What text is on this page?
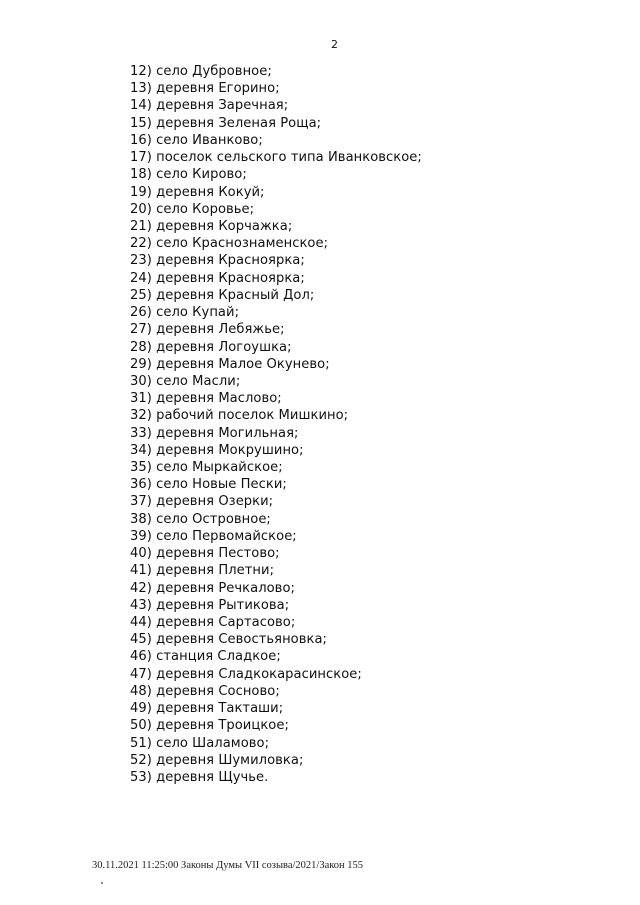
2
12) село Дубровное;
13) деревня Егорино;
14) деревня Заречная;
15) деревня Зеленая Роща;
16) село Иванково;
17) поселок сельского типа Иванковское;
18) село Кирово;
19) деревня Кокуй;
20) село Коровье;
21) деревня Корчажка;
22) село Краснознаменское;
23) деревня Красноярка;
24) деревня Красноярка;
25) деревня Красный Дол;
26) село Купай;
27) деревня Лебяжье;
28) деревня Логоушка;
29) деревня Малое Окунево;
30) село Масли;
31) деревня Маслово;
32) рабочий поселок Мишкино;
33) деревня Могильная;
34) деревня Мокрушино;
35) село Мыркайское;
36) село Новые Пески;
37) деревня Озерки;
38) село Островное;
39) село Первомайское;
40) деревня Пестово;
41) деревня Плетни;
42) деревня Речкалово;
43) деревня Рытикова;
44) деревня Сартасово;
45) деревня Севостьяновка;
46) станция Сладкое;
47) деревня Сладкокарасинское;
48) деревня Сосново;
49) деревня Такташи;
50) деревня Троицкое;
51) село Шаламово;
52) деревня Шумиловка;
53) деревня Щучье.
30.11.2021 11:25:00 Законы Думы VII созыва/2021/Закон 155
